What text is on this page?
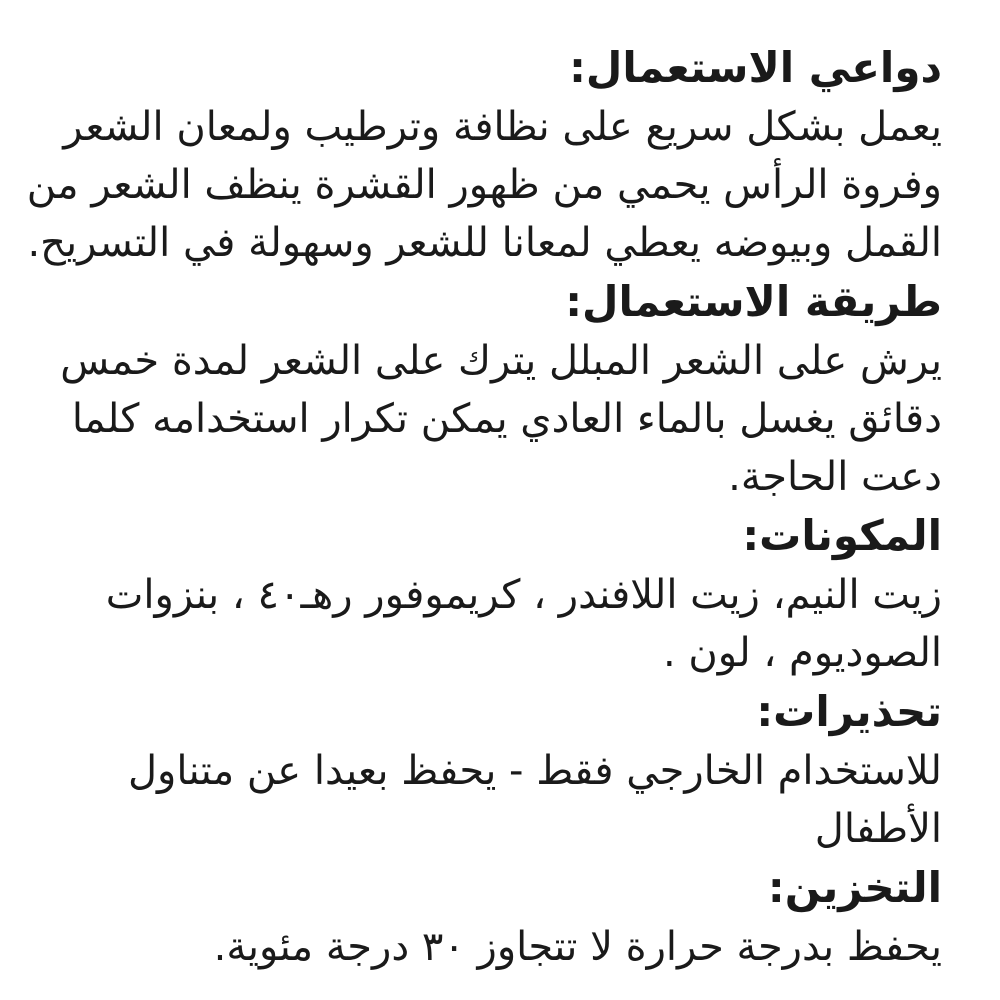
دواعي الاستعمال:
يعمل بشكل سريع على نظافة وترطيب ولمعان الشعر
وفروة الرأس يحمي من ظهور القشرة ينظف الشعر من
القمل وبيوضه يعطي لمعانا للشعر وسهولة في التسريح.
طريقة الاستعمال:
يرش على الشعر المبلل يترك على الشعر لمدة خمس
دقائق يغسل بالماء العادي يمكن تكرار استخدامه كلما
دعت الحاجة.
المكونات:
زيت النيم، زيت اللافندر ، كريموفور رهـ٤٠ ، بنزوات
الصوديوم ، لون .
تحذيرات:
للاستخدام الخارجي فقط - يحفظ بعيدا عن متناول
الأطفال
التخزين:
يحفظ بدرجة حرارة لا تتجاوز ٣٠ درجة مئوية.
